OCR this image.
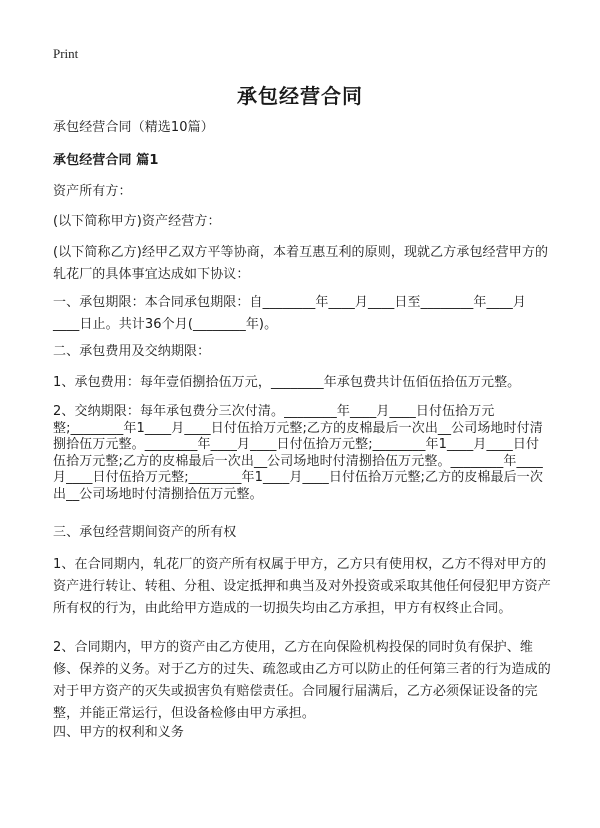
Print
承包经营合同

承包经营合同（精选10篇）

承包经营合同 篇1

资产所有方：

(以下简称甲方)资产经营方：

(以下简称乙方)经甲乙双方平等协商，本着互惠互利的原则，现就乙方承包经营甲方的轧花厂的具体事宜达成如下协议：

一、承包期限：本合同承包期限：自________年____月____日至________年____月____日止。共计36个月(________年)。

二、承包费用及交纳期限：

1、承包费用：每年壹佰捌拾伍万元，________年承包费共计伍佰伍拾伍万元整。

2、交纳期限：每年承包费分三次付清。________年____月____日付伍拾万元整;________年1____月____日付伍拾万元整;乙方的皮棉最后一次出__公司场地时付清捌拾伍万元整。________年____月____日付伍拾万元整;________年1____月____日付伍拾万元整;乙方的皮棉最后一次出__公司场地时付清捌拾伍万元整。________年____月____日付伍拾万元整;________年1____月____日付伍拾万元整;乙方的皮棉最后一次出__公司场地时付清捌拾伍万元整。

三、承包经营期间资产的所有权

1、在合同期内，轧花厂的资产所有权属于甲方，乙方只有使用权，乙方不得对甲方的资产进行转让、转租、分租、设定抵押和典当及对外投资或采取其他任何侵犯甲方资产所有权的行为，由此给甲方造成的一切损失均由乙方承担，甲方有权终止合同。

2、合同期内，甲方的资产由乙方使用，乙方在向保险机构投保的同时负有保护、维修、保养的义务。对于乙方的过失、疏忽或由乙方可以防止的任何第三者的行为造成的对于甲方资产的灭失或损害负有赔偿责任。合同履行届满后，乙方必须保证设备的完整，并能正常运行，但设备检修由甲方承担。

四、甲方的权利和义务
